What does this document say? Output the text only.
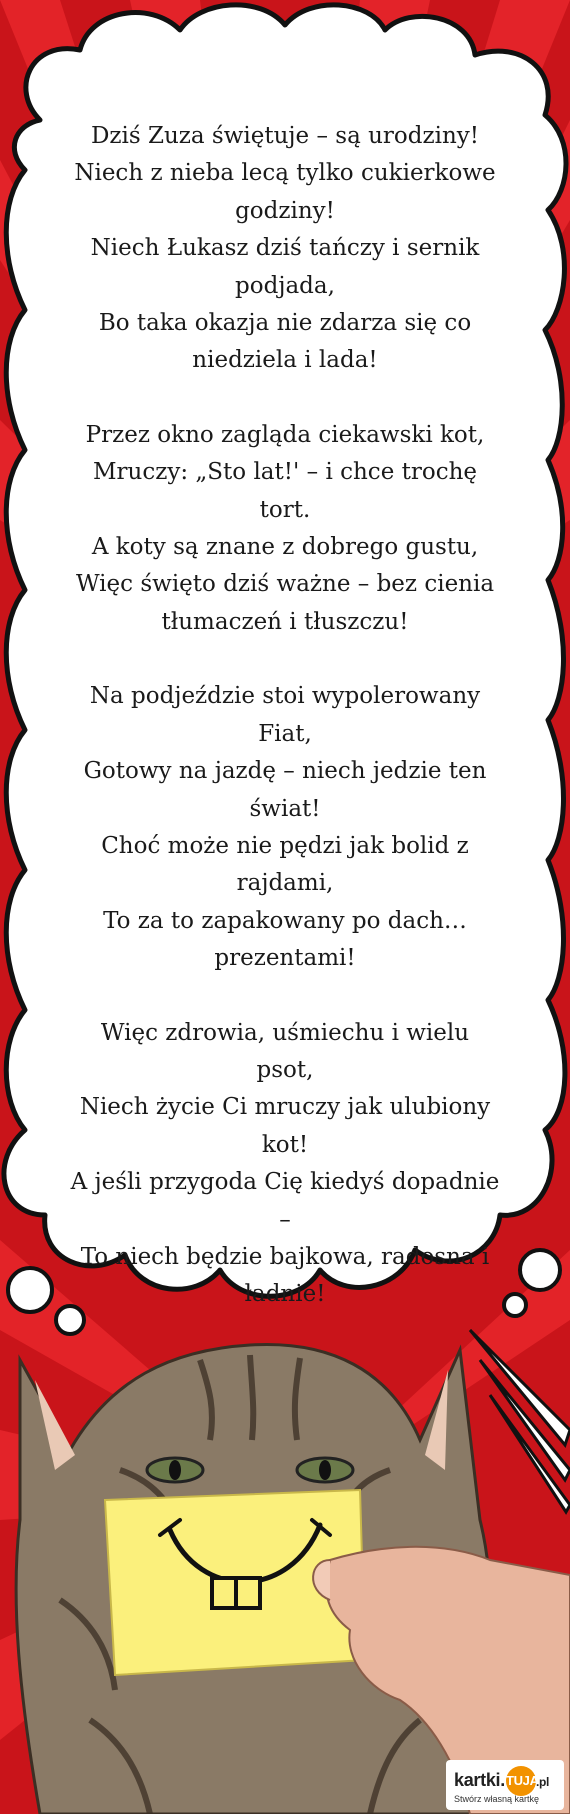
Dziś Zuza świętuje – są urodziny!
Niech z nieba lecą tylko cukierkowe
godziny!
Niech Łukasz dziś tańczy i sernik
podjada,
Bo taka okazja nie zdarza się co
niedziela i lada!
Przez okno zagląda ciekawski kot,
Mruczy: „Sto lat!' – i chce trochę tort.
A koty są znane z dobrego gustu,
Więc święto dziś ważne – bez cienia
tłumaczeń i tłuszczu!
Na podjeździe stoi wypolerowany Fiat,
Gotowy na jazdę – niech jedzie ten
świat!
Choć może nie pędzi jak bolid z
rajdami,
To za to zapakowany po dach…
prezentami!
Więc zdrowia, uśmiechu i wielu psot,
Niech życie Ci mruczy jak ulubiony kot!
A jeśli przygoda Cię kiedyś dopadnie –
To niech będzie bajkowa, radosna i
ładnie!
kartki.TUJA.pl
Stwórz własną kartkę
